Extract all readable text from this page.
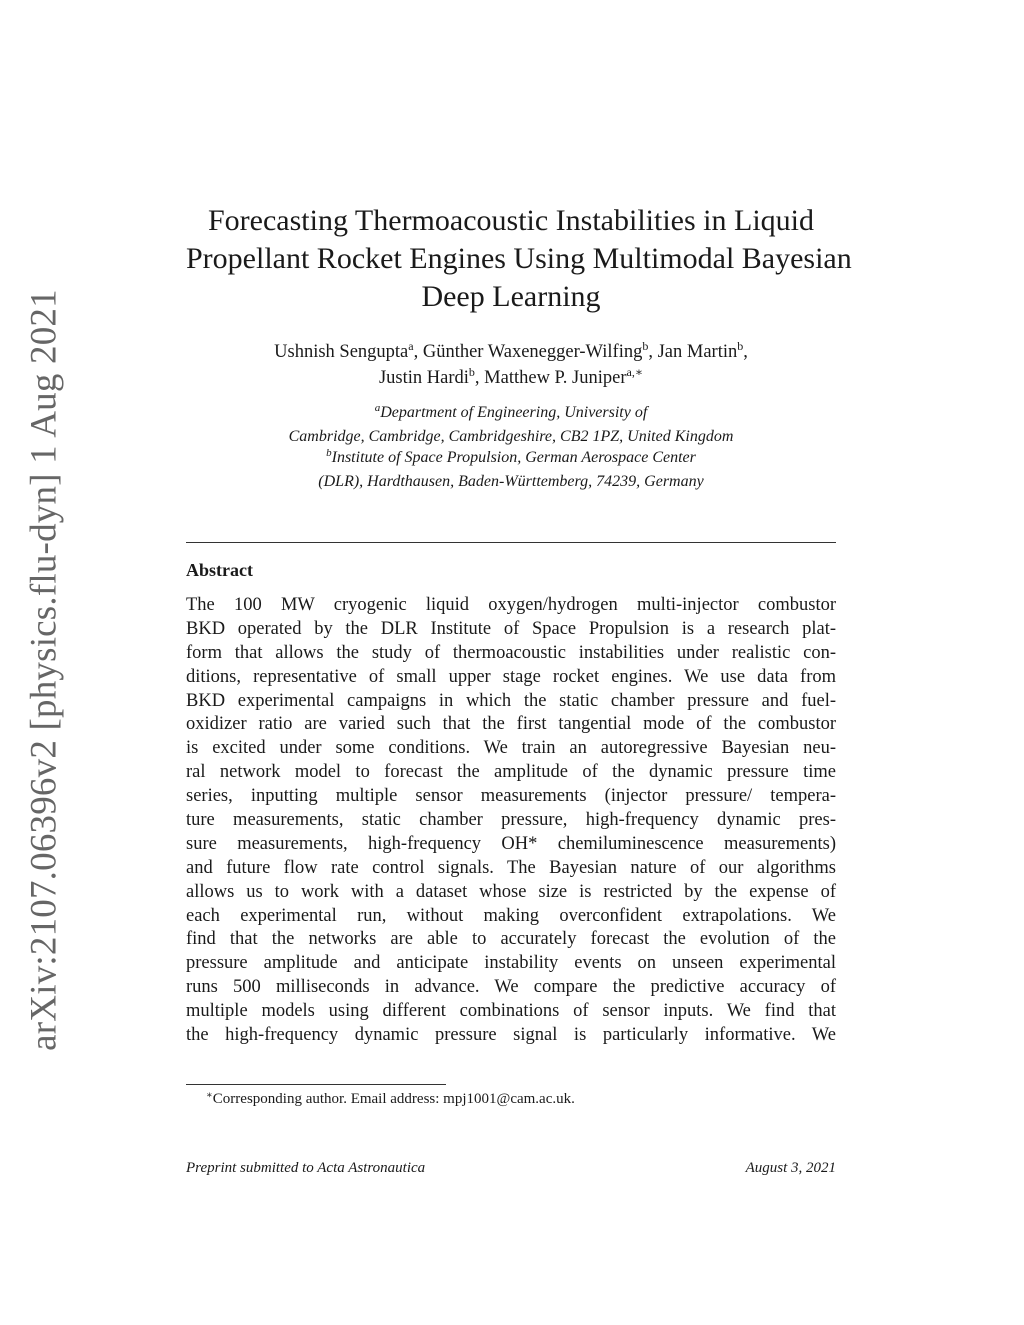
arXiv:2107.06396v2 [physics.flu-dyn] 1 Aug 2021
Forecasting Thermoacoustic Instabilities in Liquid
Propellant Rocket Engines Using Multimodal Bayesian
Deep Learning
Ushnish Sengupta$^a$, Günther Waxenegger-Wilfing$^b$, Jan Martin$^b$,
Justin Hardi$^b$, Matthew P. Juniper$^{a,∗}$
$^a$Department of Engineering, University of
Cambridge, Cambridge, Cambridgeshire, CB2 1PZ, United Kingdom
$^b$Institute of Space Propulsion, German Aerospace Center
(DLR), Hardthausen, Baden-Württemberg, 74239, Germany
Abstract
The 100 MW cryogenic liquid oxygen/hydrogen multi-injector combustor
BKD operated by the DLR Institute of Space Propulsion is a research plat-
form that allows the study of thermoacoustic instabilities under realistic con-
ditions, representative of small upper stage rocket engines. We use data from
BKD experimental campaigns in which the static chamber pressure and fuel-
oxidizer ratio are varied such that the first tangential mode of the combustor
is excited under some conditions. We train an autoregressive Bayesian neu-
ral network model to forecast the amplitude of the dynamic pressure time
series, inputting multiple sensor measurements (injector pressure/ tempera-
ture measurements, static chamber pressure, high-frequency dynamic pres-
sure measurements, high-frequency OH* chemiluminescence measurements)
and future flow rate control signals. The Bayesian nature of our algorithms
allows us to work with a dataset whose size is restricted by the expense of
each experimental run, without making overconfident extrapolations. We
find that the networks are able to accurately forecast the evolution of the
pressure amplitude and anticipate instability events on unseen experimental
runs 500 milliseconds in advance. We compare the predictive accuracy of
multiple models using different combinations of sensor inputs. We find that
the high-frequency dynamic pressure signal is particularly informative. We
∗Corresponding author. Email address: mpj1001@cam.ac.uk.
Preprint submitted to Acta Astronautica	August 3, 2021
